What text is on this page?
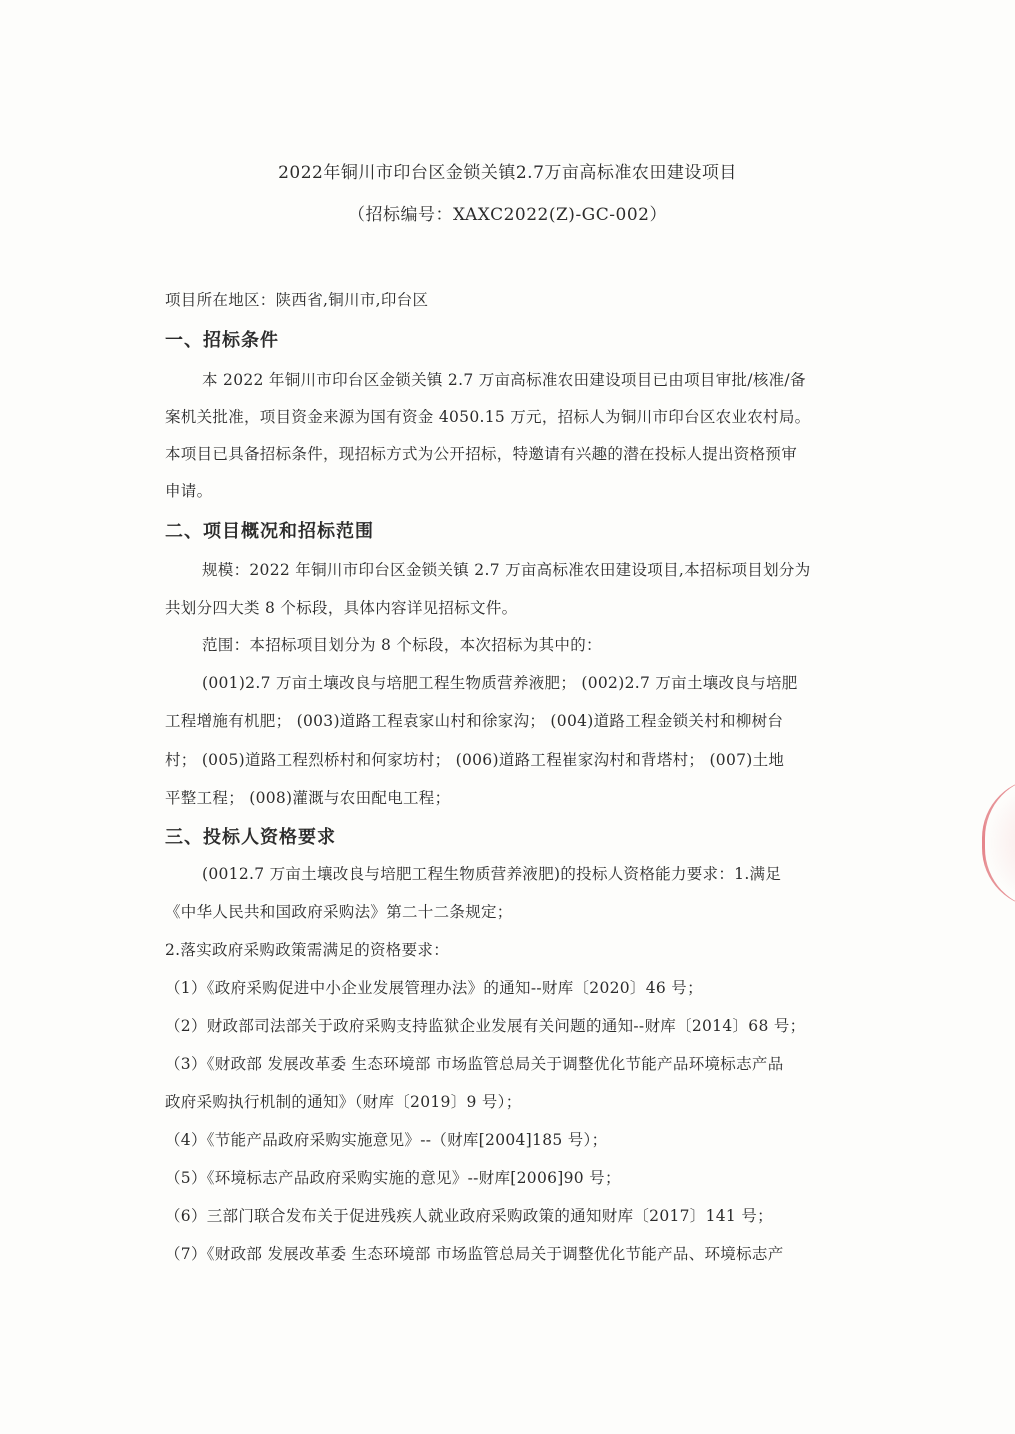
2022年铜川市印台区金锁关镇2.7万亩高标准农田建设项目
（招标编号：XAXC2022(Z)-GC-002）
项目所在地区：陕西省,铜川市,印台区
一、招标条件
本 2022 年铜川市印台区金锁关镇 2.7 万亩高标准农田建设项目已由项目审批/核准/备
案机关批准，项目资金来源为国有资金 4050.15 万元，招标人为铜川市印台区农业农村局。
本项目已具备招标条件，现招标方式为公开招标，特邀请有兴趣的潜在投标人提出资格预审
申请。
二、项目概况和招标范围
规模：2022 年铜川市印台区金锁关镇 2.7 万亩高标准农田建设项目,本招标项目划分为
共划分四大类 8 个标段，具体内容详见招标文件。
范围：本招标项目划分为 8 个标段，本次招标为其中的：
(001)2.7 万亩土壤改良与培肥工程生物质营养液肥； (002)2.7 万亩土壤改良与培肥
工程增施有机肥； (003)道路工程袁家山村和徐家沟； (004)道路工程金锁关村和柳树台
村； (005)道路工程烈桥村和何家坊村； (006)道路工程崔家沟村和背塔村； (007)土地
平整工程； (008)灌溉与农田配电工程；
三、投标人资格要求
(0012.7 万亩土壤改良与培肥工程生物质营养液肥)的投标人资格能力要求：1.满足
《中华人民共和国政府采购法》第二十二条规定；
2.落实政府采购政策需满足的资格要求：
（1）《政府采购促进中小企业发展管理办法》的通知--财库〔2020〕46 号；
（2）财政部司法部关于政府采购支持监狱企业发展有关问题的通知--财库〔2014〕68 号；
（3）《财政部 发展改革委 生态环境部 市场监管总局关于调整优化节能产品环境标志产品
政府采购执行机制的通知》（财库〔2019〕9 号）；
（4）《节能产品政府采购实施意见》--（财库[2004]185 号）；
（5）《环境标志产品政府采购实施的意见》--财库[2006]90 号；
（6）三部门联合发布关于促进残疾人就业政府采购政策的通知财库〔2017〕141 号；
（7）《财政部 发展改革委 生态环境部 市场监管总局关于调整优化节能产品、环境标志产
